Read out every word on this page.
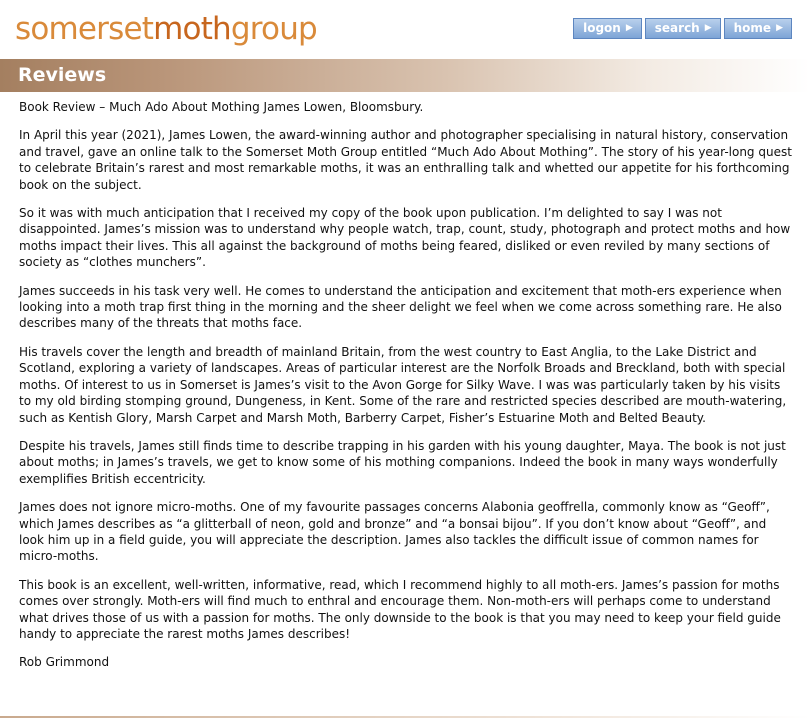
somersetmothgroup	logon ▶ search ▶ home ▶
Reviews

Book Review – Much Ado About Mothing James Lowen, Bloomsbury.

In April this year (2021), James Lowen, the award-winning author and photographer specialising in natural history, conservation and travel, gave an online talk to the Somerset Moth Group entitled “Much Ado About Mothing”. The story of his year-long quest to celebrate Britain’s rarest and most remarkable moths, it was an enthralling talk and whetted our appetite for his forthcoming book on the subject.

So it was with much anticipation that I received my copy of the book upon publication. I’m delighted to say I was not disappointed. James’s mission was to understand why people watch, trap, count, study, photograph and protect moths and how moths impact their lives. This all against the background of moths being feared, disliked or even reviled by many sections of society as “clothes munchers”.

James succeeds in his task very well. He comes to understand the anticipation and excitement that moth-ers experience when looking into a moth trap first thing in the morning and the sheer delight we feel when we come across something rare. He also describes many of the threats that moths face.

His travels cover the length and breadth of mainland Britain, from the west country to East Anglia, to the Lake District and Scotland, exploring a variety of landscapes. Areas of particular interest are the Norfolk Broads and Breckland, both with special moths. Of interest to us in Somerset is James’s visit to the Avon Gorge for Silky Wave. I was was particularly taken by his visits to my old birding stomping ground, Dungeness, in Kent. Some of the rare and restricted species described are mouth-watering, such as Kentish Glory, Marsh Carpet and Marsh Moth, Barberry Carpet, Fisher’s Estuarine Moth and Belted Beauty.

Despite his travels, James still finds time to describe trapping in his garden with his young daughter, Maya. The book is not just about moths; in James’s travels, we get to know some of his mothing companions. Indeed the book in many ways wonderfully exemplifies British eccentricity.

James does not ignore micro-moths. One of my favourite passages concerns Alabonia geoffrella, commonly know as “Geoff”, which James describes as “a glitterball of neon, gold and bronze” and “a bonsai bijou”. If you don’t know about “Geoff”, and look him up in a field guide, you will appreciate the description. James also tackles the difficult issue of common names for micro-moths.

This book is an excellent, well-written, informative, read, which I recommend highly to all moth-ers. James’s passion for moths comes over strongly. Moth-ers will find much to enthral and encourage them. Non-moth-ers will perhaps come to understand what drives those of us with a passion for moths. The only downside to the book is that you may need to keep your field guide handy to appreciate the rarest moths James describes!

Rob Grimmond
